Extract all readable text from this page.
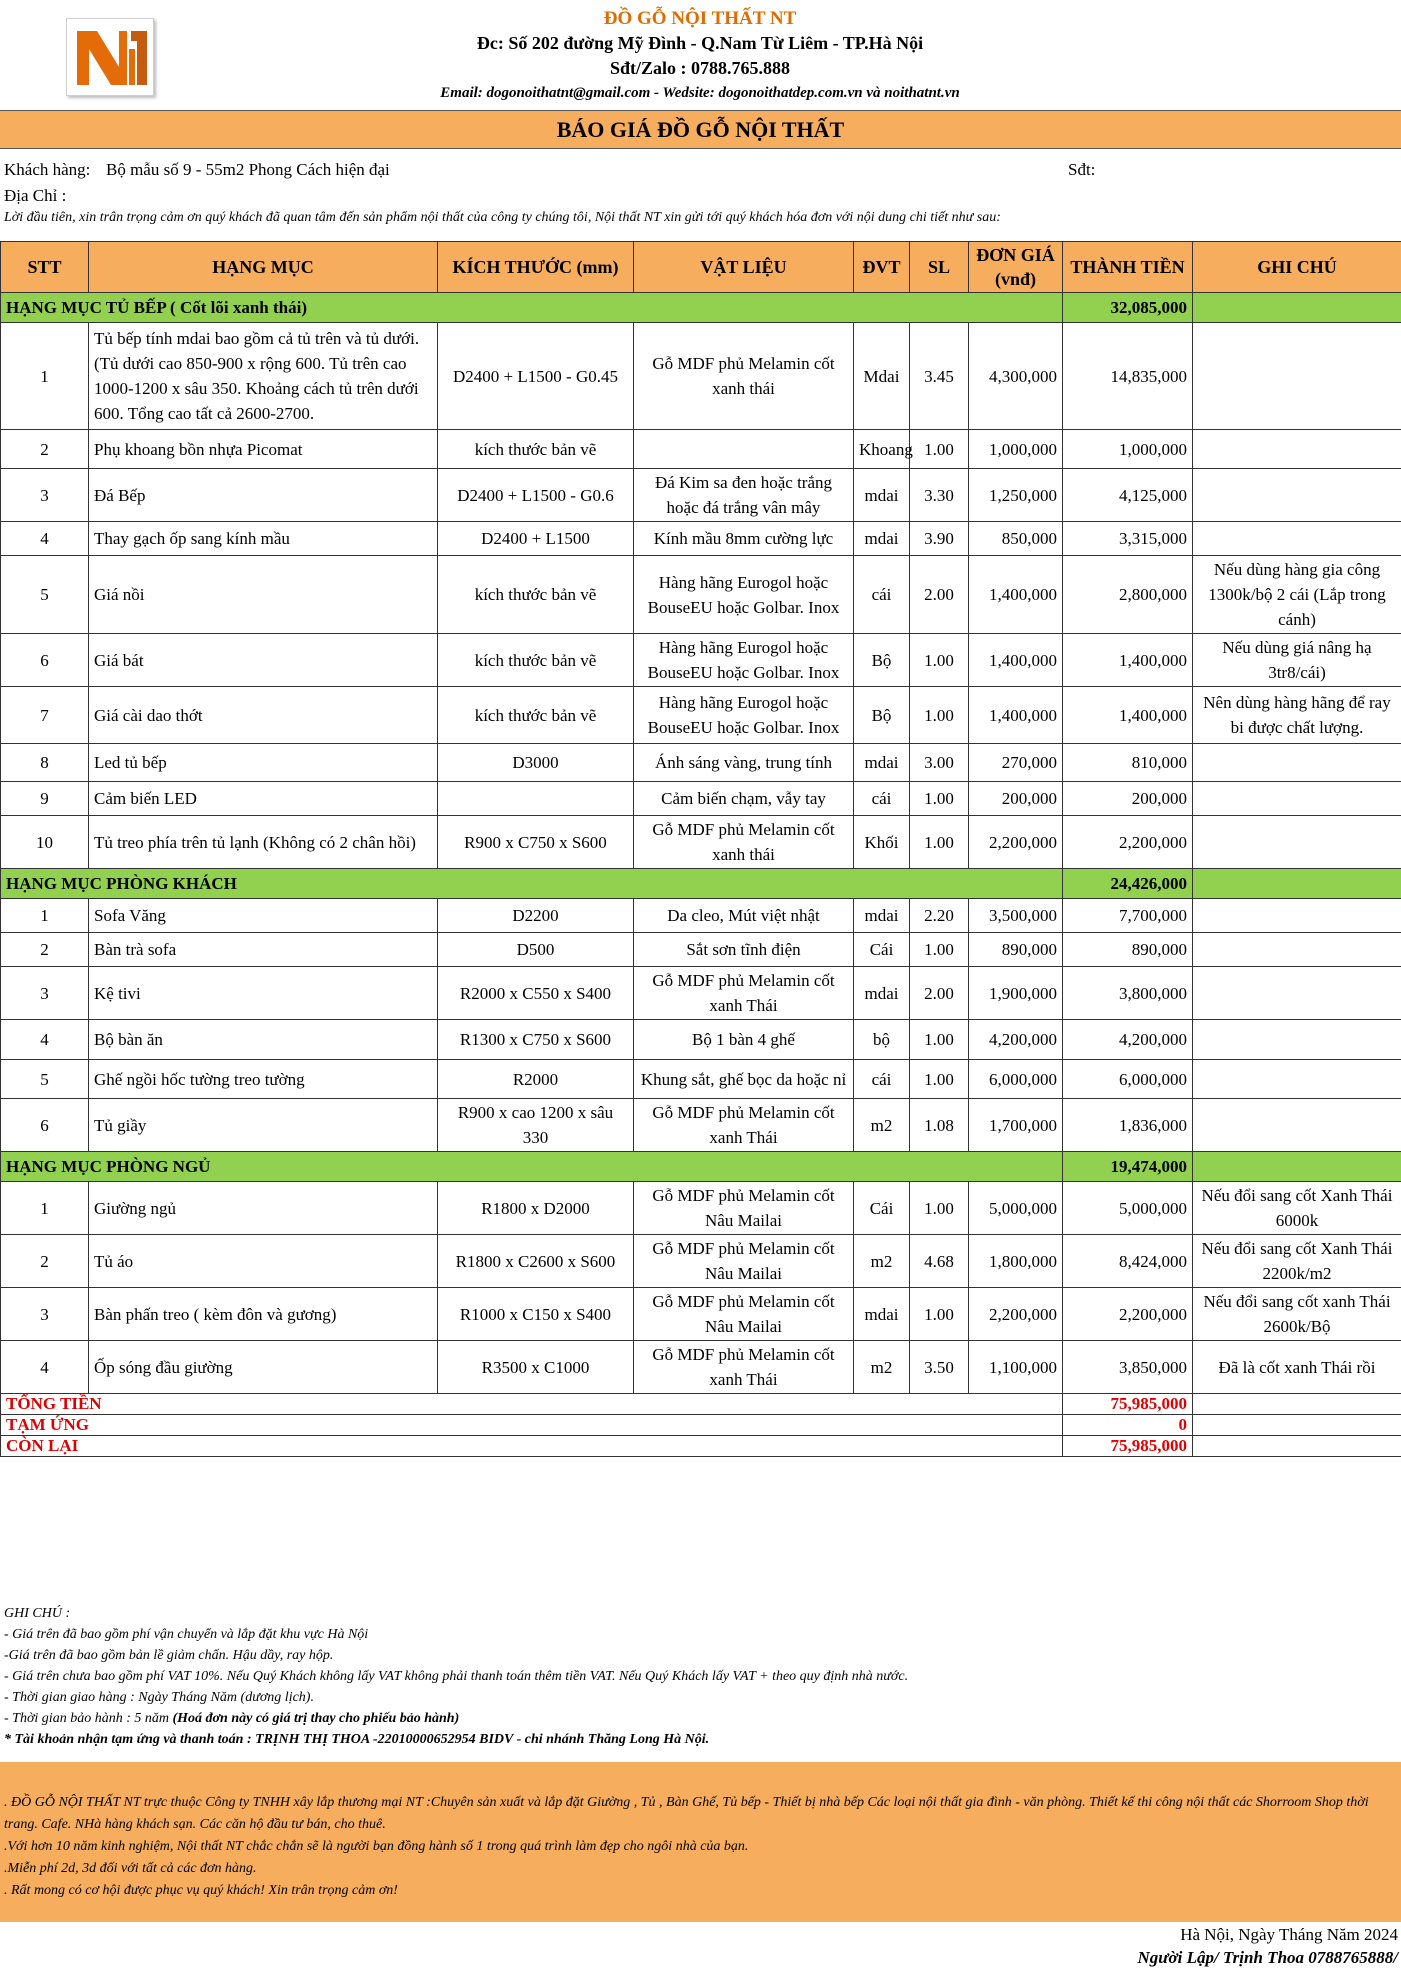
ĐỒ GỖ NỘI THẤT NT
Đc: Số 202 đường Mỹ Đình - Q.Nam Từ Liêm - TP.Hà Nội
Sđt/Zalo : 0788.765.888
Email: dogonoithatnt@gmail.com - Wedsite: dogonoithatdep.com.vn và noithatnt.vn
BÁO GIÁ ĐỒ GỖ NỘI THẤT
Khách hàng: Bộ mẫu số 9 - 55m2 Phong Cách hiện đại	Sđt:
Địa Chỉ :
Lời đầu tiên, xin trân trọng cảm ơn quý khách đã quan tâm đến sản phẩm nội thất của công ty chúng tôi, Nội thất NT xin gửi tới quý khách hóa đơn với nội dung chi tiết như sau:
STT	HẠNG MỤC	KÍCH THƯỚC (mm)	VẬT LIỆU	ĐVT	SL	ĐƠN GIÁ (vnđ)	THÀNH TIỀN	GHI CHÚ
HẠNG MỤC TỦ BẾP ( Cốt lõi xanh thái)							32,085,000	
1	Tủ bếp tính mdai bao gồm cả tủ trên và tủ dưới. (Tủ dưới cao 850-900 x rộng 600. Tủ trên cao 1000-1200 x sâu 350. Khoảng cách tủ trên dưới 600. Tổng cao tất cả 2600-2700.	D2400 + L1500 - G0.45	Gỗ MDF phủ Melamin cốt xanh thái	Mdai	3.45	4,300,000	14,835,000	
2	Phụ khoang bồn nhựa Picomat	kích thước bản vẽ		Khoang	1.00	1,000,000	1,000,000	
3	Đá Bếp	D2400 + L1500 - G0.6	Đá Kim sa đen hoặc trắng hoặc đá trắng vân mây	mdai	3.30	1,250,000	4,125,000	
4	Thay gạch ốp sang kính mầu	D2400 + L1500	Kính mầu 8mm cường lực	mdai	3.90	850,000	3,315,000	
5	Giá nồi	kích thước bản vẽ	Hàng hãng Eurogol hoặc BouseEU hoặc Golbar. Inox	cái	2.00	1,400,000	2,800,000	Nếu dùng hàng gia công 1300k/bộ 2 cái (Lắp trong cánh)
6	Giá bát	kích thước bản vẽ	Hàng hãng Eurogol hoặc BouseEU hoặc Golbar. Inox	Bộ	1.00	1,400,000	1,400,000	Nếu dùng giá nâng hạ 3tr8/cái)
7	Giá cài dao thớt	kích thước bản vẽ	Hàng hãng Eurogol hoặc BouseEU hoặc Golbar. Inox	Bộ	1.00	1,400,000	1,400,000	Nên dùng hàng hãng để ray bi được chất lượng.
8	Led tủ bếp	D3000	Ánh sáng vàng, trung tính	mdai	3.00	270,000	810,000	
9	Cảm biến LED		Cảm biến chạm, vẫy tay	cái	1.00	200,000	200,000	
10	Tủ treo phía trên tủ lạnh (Không có 2 chân hồi)	R900 x C750 x S600	Gỗ MDF phủ Melamin cốt xanh thái	Khối	1.00	2,200,000	2,200,000	
HẠNG MỤC PHÒNG KHÁCH							24,426,000	
1	Sofa Văng	D2200	Da cleo, Mút việt nhật	mdai	2.20	3,500,000	7,700,000	
2	Bàn trà sofa	D500	Sắt sơn tĩnh điện	Cái	1.00	890,000	890,000	
3	Kệ tivi	R2000 x C550 x S400	Gỗ MDF phủ Melamin cốt xanh Thái	mdai	2.00	1,900,000	3,800,000	
4	Bộ bàn ăn	R1300 x C750 x S600	Bộ 1 bàn 4 ghế	bộ	1.00	4,200,000	4,200,000	
5	Ghế ngồi hốc tường treo tường	R2000	Khung sắt, ghế bọc da hoặc nỉ	cái	1.00	6,000,000	6,000,000	
6	Tủ giầy	R900 x cao 1200 x sâu 330	Gỗ MDF phủ Melamin cốt xanh Thái	m2	1.08	1,700,000	1,836,000	
HẠNG MỤC PHÒNG NGỦ							19,474,000	
1	Giường ngủ	R1800 x D2000	Gỗ MDF phủ Melamin cốt Nâu Mailai	Cái	1.00	5,000,000	5,000,000	Nếu đổi sang cốt Xanh Thái 6000k
2	Tủ áo	R1800 x C2600 x S600	Gỗ MDF phủ Melamin cốt Nâu Mailai	m2	4.68	1,800,000	8,424,000	Nếu đổi sang cốt Xanh Thái 2200k/m2
3	Bàn phấn treo ( kèm đôn và gương)	R1000 x C150 x S400	Gỗ MDF phủ Melamin cốt Nâu Mailai	mdai	1.00	2,200,000	2,200,000	Nếu đổi sang cốt xanh Thái 2600k/Bộ
4	Ốp sóng đầu giường	R3500 x C1000	Gỗ MDF phủ Melamin cốt xanh Thái	m2	3.50	1,100,000	3,850,000	Đã là cốt xanh Thái rồi
TỔNG TIỀN							75,985,000	
TẠM ỨNG							0	
CÒN LẠI							75,985,000	
GHI CHÚ :
- Giá trên đã bao gồm phí vận chuyển và lắp đặt khu vực Hà Nội
-Giá trên đã bao gồm bản lề giảm chấn. Hậu dầy, ray hộp.
- Giá trên chưa bao gồm phí VAT 10%. Nếu Quý Khách không lấy VAT không phải thanh toán thêm tiền VAT. Nếu Quý Khách lấy VAT + theo quy định nhà nước.
- Thời gian giao hàng : Ngày Tháng Năm (dương lịch).
- Thời gian bảo hành : 5 năm (Hoá đơn này có giá trị thay cho phiếu bảo hành)
* Tài khoản nhận tạm ứng và thanh toán : TRỊNH THỊ THOA -22010000652954 BIDV - chi nhánh Thăng Long Hà Nội.
. ĐỒ GỖ NỘI THẤT NT trực thuộc Công ty TNHH xây lắp thương mại NT :Chuyên sản xuất và lắp đặt Giường , Tủ , Bàn Ghế, Tủ bếp - Thiết bị nhà bếp Các loại nội thất gia đình - văn phòng. Thiết kế thi công nội thất các Shorroom Shop thời trang. Cafe. NHà hàng khách sạn. Các căn hộ đầu tư bán, cho thuê.
.Với hơn 10 năm kinh nghiệm, Nội thất NT chắc chắn sẽ là người bạn đồng hành số 1 trong quá trình làm đẹp cho ngôi nhà của bạn.
.Miễn phí 2d, 3d đối với tất cả các đơn hàng.
. Rất mong có cơ hội được phục vụ quý khách! Xin trân trọng cảm ơn!
Hà Nội, Ngày Tháng Năm 2024
Người Lập/ Trịnh Thoa 0788765888/
